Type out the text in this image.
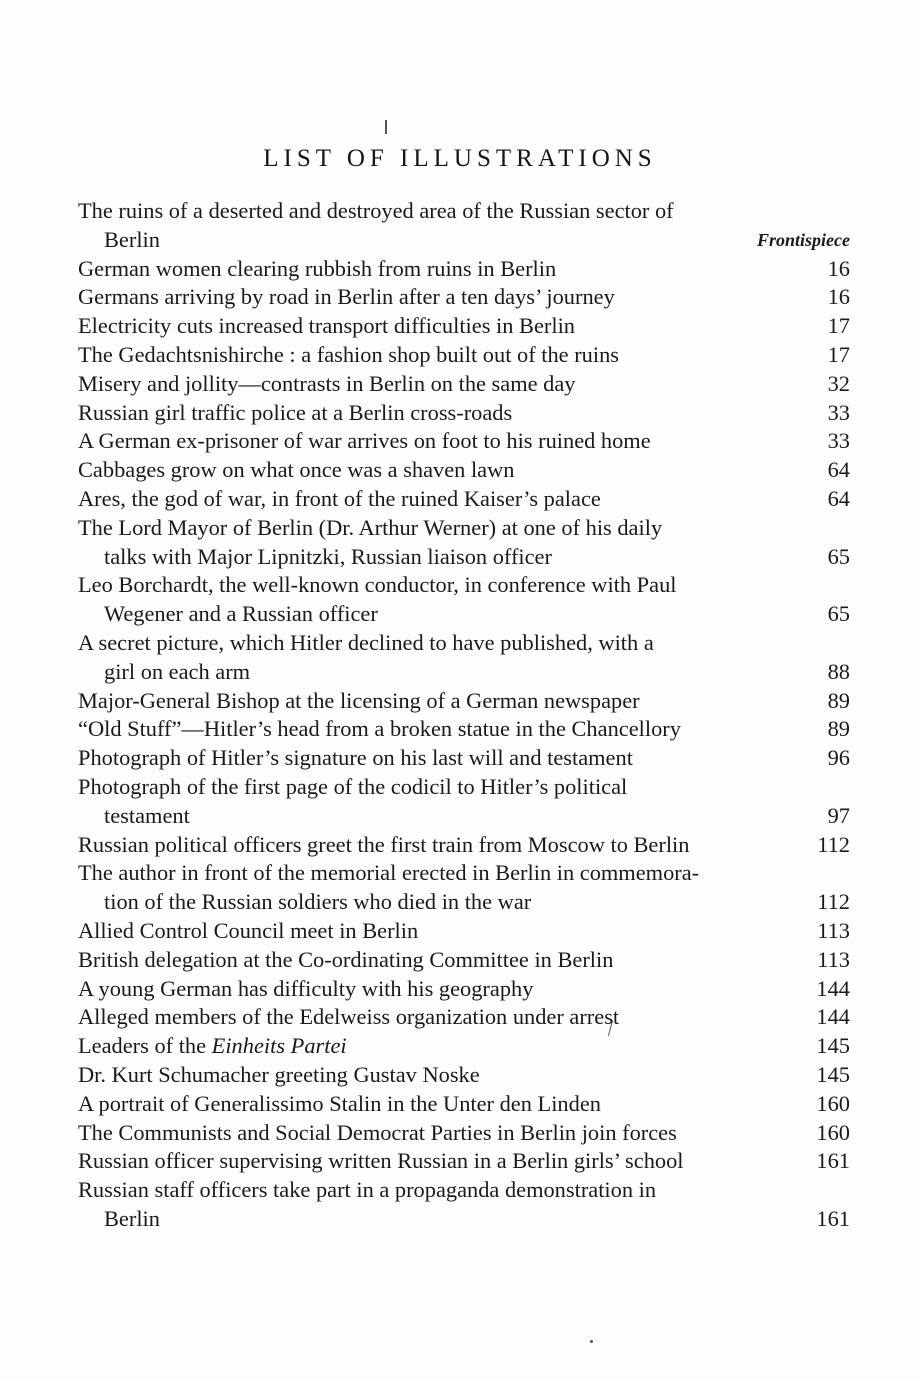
LIST OF ILLUSTRATIONS
The ruins of a deserted and destroyed area of the Russian sector of
Berlin	Frontispiece
German women clearing rubbish from ruins in Berlin	16
Germans arriving by road in Berlin after a ten days’ journey	16
Electricity cuts increased transport difficulties in Berlin	17
The Gedachtsnishirche : a fashion shop built out of the ruins	17
Misery and jollity—contrasts in Berlin on the same day	32
Russian girl traffic police at a Berlin cross-roads	33
A German ex-prisoner of war arrives on foot to his ruined home	33
Cabbages grow on what once was a shaven lawn	64
Ares, the god of war, in front of the ruined Kaiser’s palace	64
The Lord Mayor of Berlin (Dr. Arthur Werner) at one of his daily
talks with Major Lipnitzki, Russian liaison officer	65
Leo Borchardt, the well-known conductor, in conference with Paul
Wegener and a Russian officer	65
A secret picture, which Hitler declined to have published, with a
girl on each arm	88
Major-General Bishop at the licensing of a German newspaper	89
“Old Stuff”—Hitler’s head from a broken statue in the Chancellory	89
Photograph of Hitler’s signature on his last will and testament	96
Photograph of the first page of the codicil to Hitler’s political
testament	97
Russian political officers greet the first train from Moscow to Berlin	112
The author in front of the memorial erected in Berlin in commemora-
tion of the Russian soldiers who died in the war	112
Allied Control Council meet in Berlin	113
British delegation at the Co-ordinating Committee in Berlin	113
A young German has difficulty with his geography	144
Alleged members of the Edelweiss organization under arrest	144
Leaders of the Einheits Partei	145
Dr. Kurt Schumacher greeting Gustav Noske	145
A portrait of Generalissimo Stalin in the Unter den Linden	160
The Communists and Social Democrat Parties in Berlin join forces	160
Russian officer supervising written Russian in a Berlin girls’ school	161
Russian staff officers take part in a propaganda demonstration in
Berlin	161
